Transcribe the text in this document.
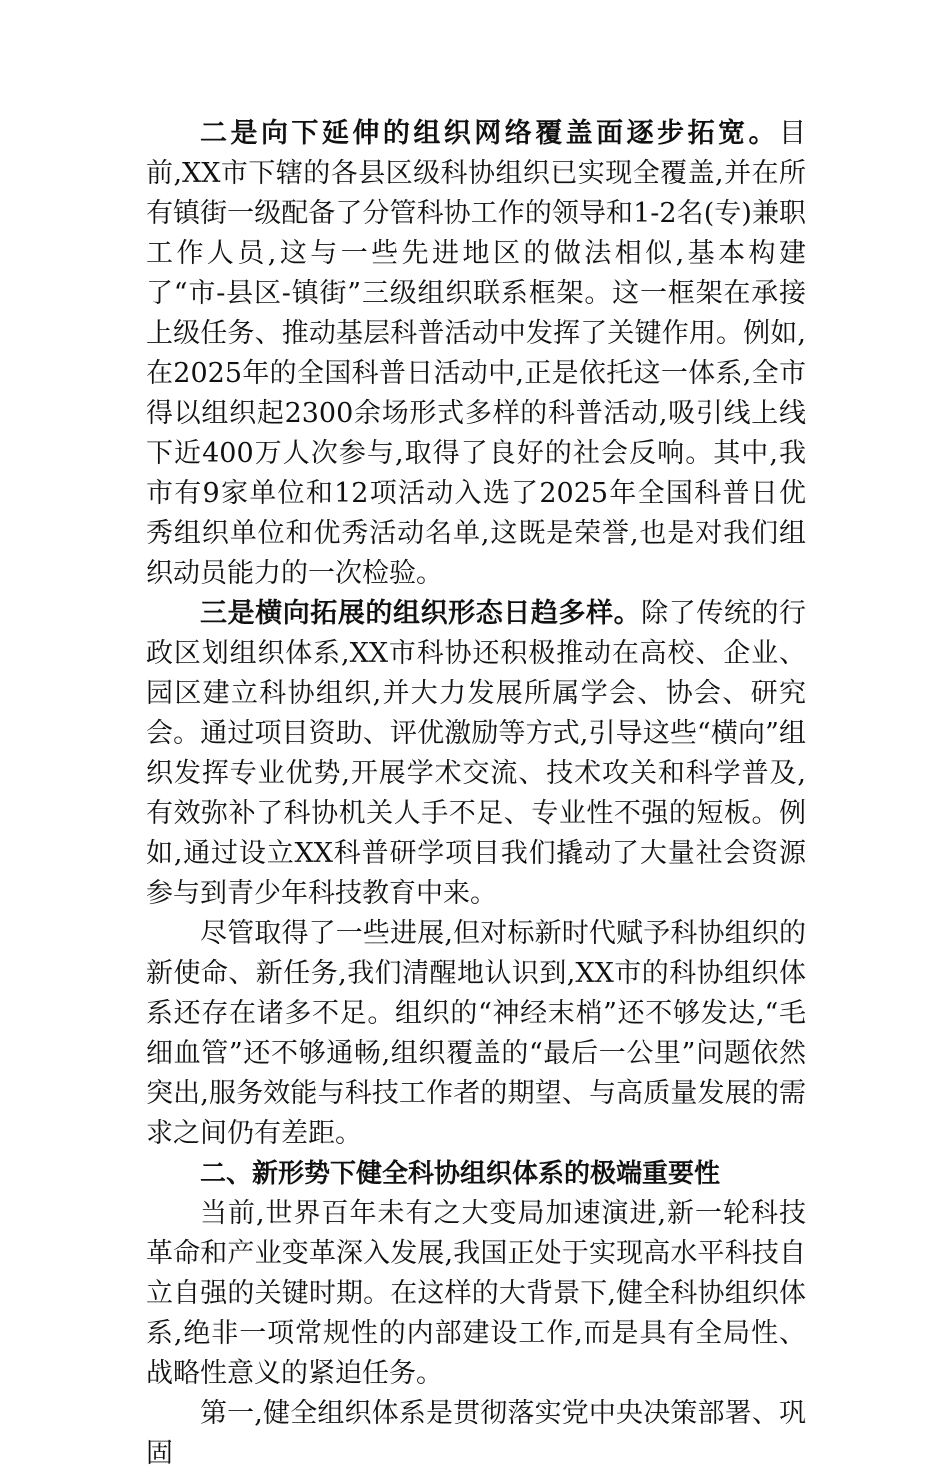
二是向下延伸的组织网络覆盖面逐步拓宽。目前,XX市下辖的各县区级科协组织已实现全覆盖,并在所有镇街一级配备了分管科协工作的领导和1-2名(专)兼职工作人员,这与一些先进地区的做法相似,基本构建了“市-县区-镇街”三级组织联系框架。这一框架在承接上级任务、推动基层科普活动中发挥了关键作用。例如,在2025年的全国科普日活动中,正是依托这一体系,全市得以组织起2300余场形式多样的科普活动,吸引线上线下近400万人次参与,取得了良好的社会反响。其中,我市有9家单位和12项活动入选了2025年全国科普日优秀组织单位和优秀活动名单,这既是荣誉,也是对我们组织动员能力的一次检验。

三是横向拓展的组织形态日趋多样。除了传统的行政区划组织体系,XX市科协还积极推动在高校、企业、园区建立科协组织,并大力发展所属学会、协会、研究会。通过项目资助、评优激励等方式,引导这些“横向”组织发挥专业优势,开展学术交流、技术攻关和科学普及,有效弥补了科协机关人手不足、专业性不强的短板。例如,通过设立XX科普研学项目我们撬动了大量社会资源参与到青少年科技教育中来。

尽管取得了一些进展,但对标新时代赋予科协组织的新使命、新任务,我们清醒地认识到,XX市的科协组织体系还存在诸多不足。组织的“神经末梢”还不够发达,“毛细血管”还不够通畅,组织覆盖的“最后一公里”问题依然突出,服务效能与科技工作者的期望、与高质量发展的需求之间仍有差距。

二、新形势下健全科协组织体系的极端重要性

当前,世界百年未有之大变局加速演进,新一轮科技革命和产业变革深入发展,我国正处于实现高水平科技自立自强的关键时期。在这样的大背景下,健全科协组织体系,绝非一项常规性的内部建设工作,而是具有全局性、战略性意义的紧迫任务。

第一,健全组织体系是贯彻落实党中央决策部署、巩固
